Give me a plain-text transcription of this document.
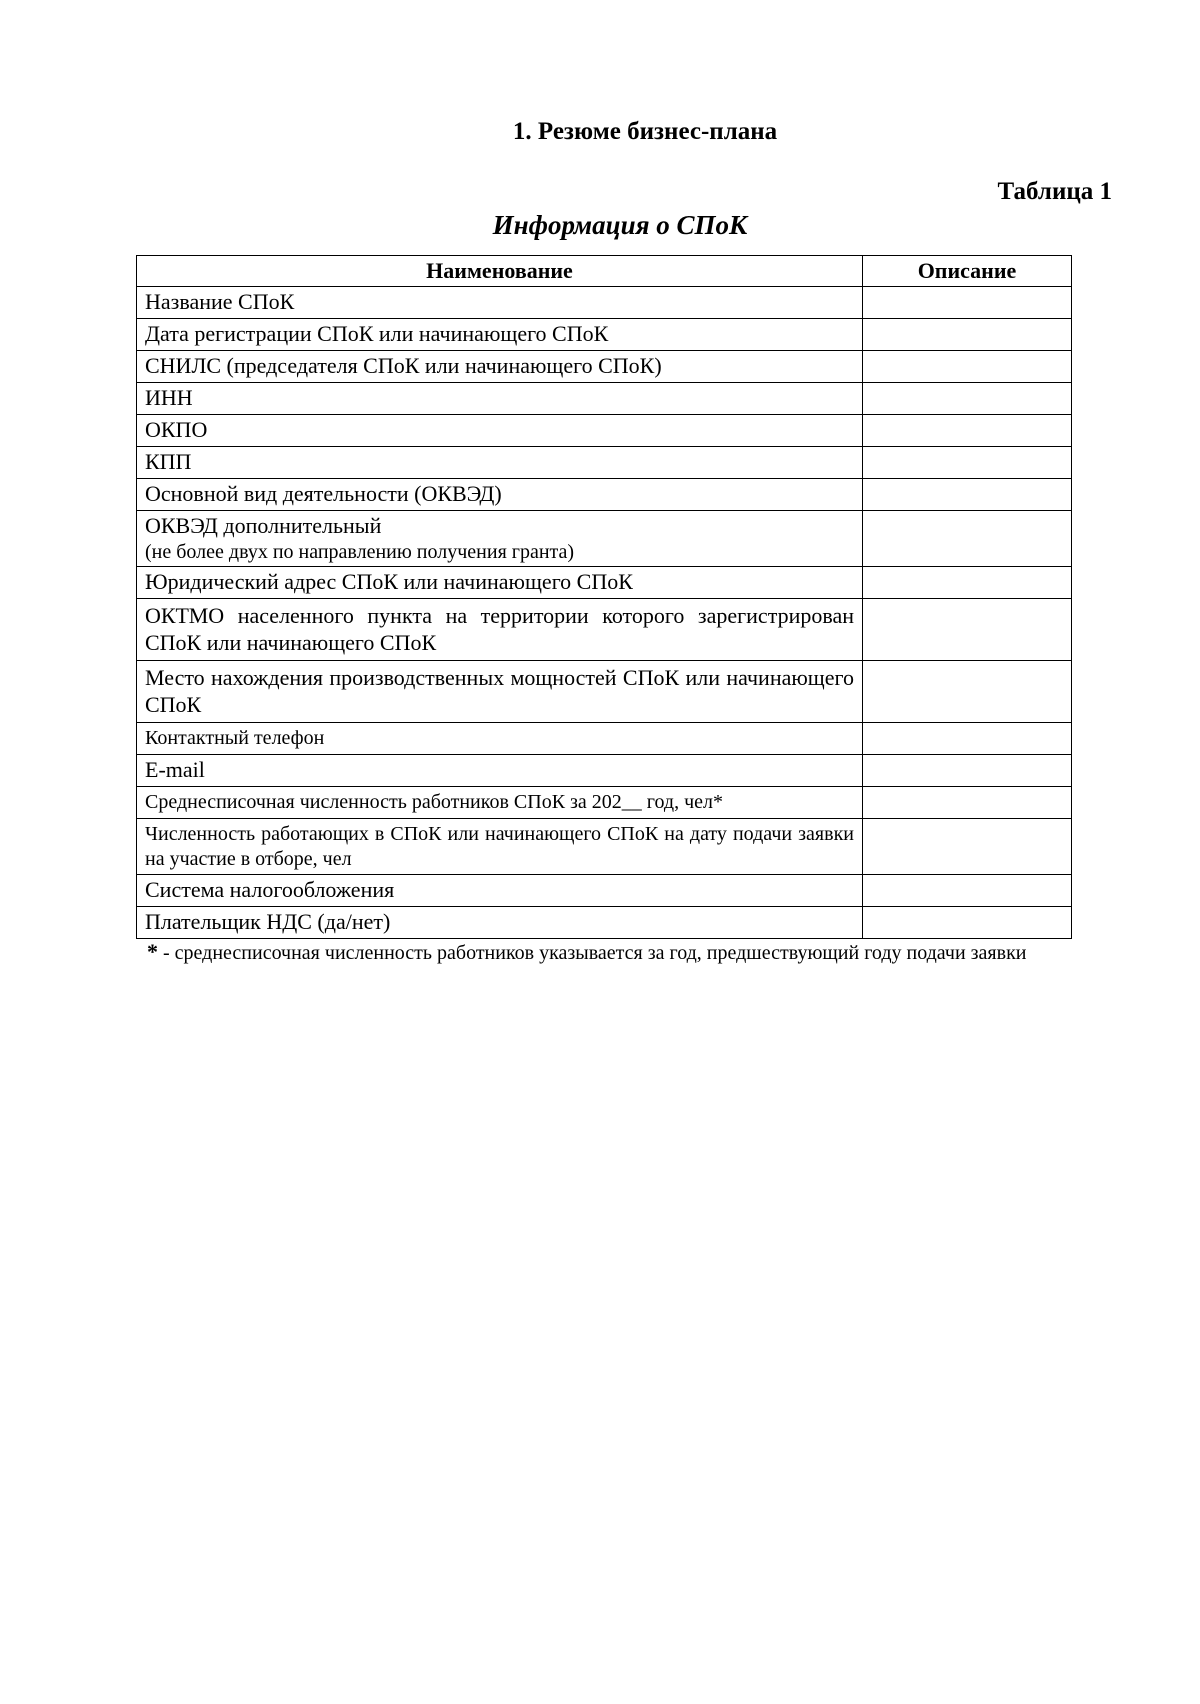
1. Резюме бизнес-плана
Таблица 1
Информация о СПоК
Наименование	Описание
Название СПоК	
Дата регистрации СПоК или начинающего СПоК	
СНИЛС (председателя СПоК или начинающего СПоК)	
ИНН	
ОКПО	
КПП	
Основной вид деятельности (ОКВЭД)	

ОКВЭД дополнительный
(не более двух по направлению получения гранта)	

Юридический адрес СПоК или начинающего СПоК	
ОКТМО населенного пункта на территории которого зарегистрирован СПоК или начинающего СПоК	
Место нахождения производственных мощностей СПоК или начинающего СПоК	
Контактный телефон	
E-mail	
Среднесписочная численность работников СПоК за 202__ год, чел*	
Численность работающих в СПоК или начинающего СПоК на дату подачи заявки на участие в отборе, чел	
Система налогообложения	
Плательщик НДС (да/нет)	
* - среднесписочная численность работников указывается за год, предшествующий году подачи заявки
